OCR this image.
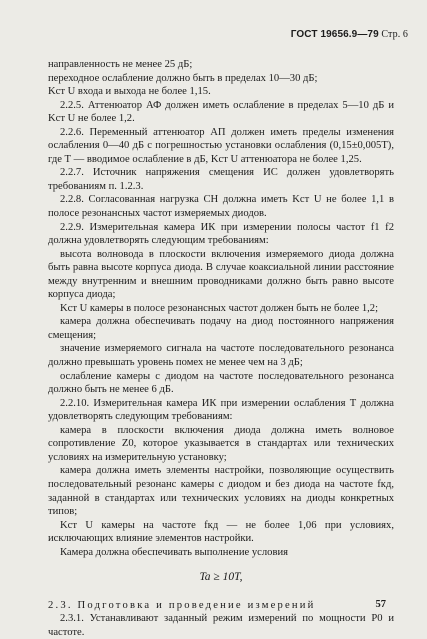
ГОСТ 19656.9—79 Стр. 6

направленность не менее 25 дБ;

переходное ослабление должно быть в пределах 10—30 дБ;

Kст U входа и выхода не более 1,15.

2.2.5. Аттенюатор АФ должен иметь ослабление в пределах 5—10 дБ и Kст U не более 1,2.

2.2.6. Переменный аттенюатор АП должен иметь пределы изменения ослабления 0—40 дБ с погрешностью установки ослабления (0,15±0,005Т), где Т — вводимое ослабление в дБ, Kст U аттенюатора не более 1,25.

2.2.7. Источник напряжения смещения ИС должен удовлетворять требованиям п. 1.2.3.

2.2.8. Согласованная нагрузка СН должна иметь Kст U не более 1,1 в полосе резонансных частот измеряемых диодов.

2.2.9. Измерительная камера ИК при измерении полосы частот f1 f2 должна удовлетворять следующим требованиям:

высота волновода в плоскости включения измеряемого диода должна быть равна высоте корпуса диода. В случае коаксиальной линии расстояние между внутренним и внешним проводниками должно быть равно высоте корпуса диода;

Kст U камеры в полосе резонансных частот должен быть не более 1,2;

камера должна обеспечивать подачу на диод постоянного напряжения смещения;

значение измеряемого сигнала на частоте последовательного резонанса должно превышать уровень помех не менее чем на 3 дБ;

ослабление камеры с диодом на частоте последовательного резонанса должно быть не менее 6 дБ.

2.2.10. Измерительная камера ИК при измерении ослабления Т должна удовлетворять следующим требованиям:

камера в плоскости включения диода должна иметь волновое сопротивление Z0, которое указывается в стандартах или технических условиях на измерительную установку;

камера должна иметь элементы настройки, позволяющие осуществить последовательный резонанс камеры с диодом и без диода на частоте fкд, заданной в стандартах или технических условиях на диоды конкретных типов;

Kст U камеры на частоте fкд — не более 1,06 при условиях, исключающих влияние элементов настройки.

Камера должна обеспечивать выполнение условия

Ta ≥ 10T,

2.3. Подготовка и проведение измерений

2.3.1. Устанавливают заданный режим измерений по мощности P0 и частоте.

57
